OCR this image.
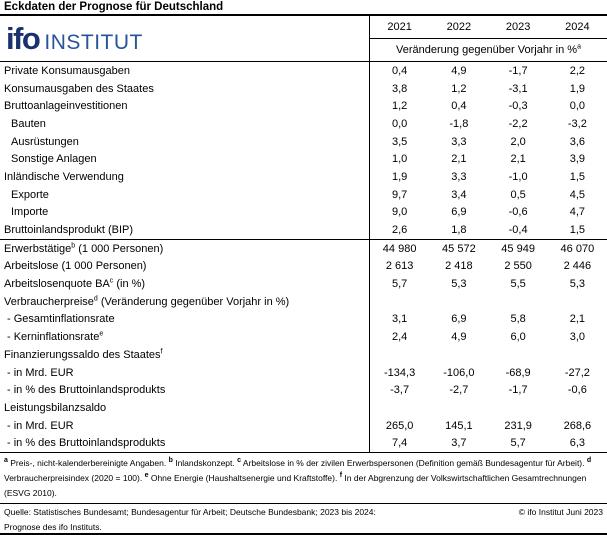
Eckdaten der Prognose für Deutschland
ifo INSTITUT
2021	2022	2023	2024
Veränderung gegenüber Vorjahr in %$^a$
Private Konsumausgaben	0,4	4,9	-1,7	2,2
Konsumausgaben des Staates	3,8	1,2	-3,1	1,9
Bruttoanlageinvestitionen	1,2	0,4	-0,3	0,0
Bauten	0,0	-1,8	-2,2	-3,2
Ausrüstungen	3,5	3,3	2,0	3,6
Sonstige Anlagen	1,0	2,1	2,1	3,9
Inländische Verwendung	1,9	3,3	-1,0	1,5
Exporte	9,7	3,4	0,5	4,5
Importe	9,0	6,9	-0,6	4,7
Bruttoinlandsprodukt (BIP)	2,6	1,8	-0,4	1,5
Erwerbstätige$^b$ (1 000 Personen)	44 980	45 572	45 949	46 070
Arbeitslose (1 000 Personen)	2 613	2 418	2 550	2 446
Arbeitslosenquote $BA^c$ (in %)	5,7	5,3	5,5	5,3
Verbraucherpreise$^d$ (Veränderung gegenüber Vorjahr in %)
- Gesamtinflationsrate	3,1	6,9	5,8	2,1
- Kerninflationsrate$^e$	2,4	4,9	6,0	3,0
Finanzierungssaldo des Staates$^f$
- in Mrd. EUR	-134,3	-106,0	-68,9	-27,2
- in % des Bruttoinlandsprodukts	-3,7	-2,7	-1,7	-0,6
Leistungsbilanzsaldo
- in Mrd. EUR	265,0	145,1	231,9	268,6
- in % des Bruttoinlandsprodukts	7,4	3,7	5,7	6,3
$^a$ Preis-, nicht-kalenderbereinigte Angaben. $^b$ Inlandskonzept. $^c$ Arbeitslose in % der zivilen Erwerbspersonen (Definition gemäß Bundesagentur für Arbeit). $^d$ Verbraucherpreisindex (2020 = 100). $^e$ Ohne Energie (Haushaltsenergie und Kraftstoffe). $^f$ In der Abgrenzung der Volkswirtschaftlichen Gesamtrechnungen (ESVG 2010).
Quelle: Statistisches Bundesamt; Bundesagentur für Arbeit; Deutsche Bundesbank; 2023 bis 2024:	© ifo Institut Juni 2023
Prognose des ifo Instituts.
